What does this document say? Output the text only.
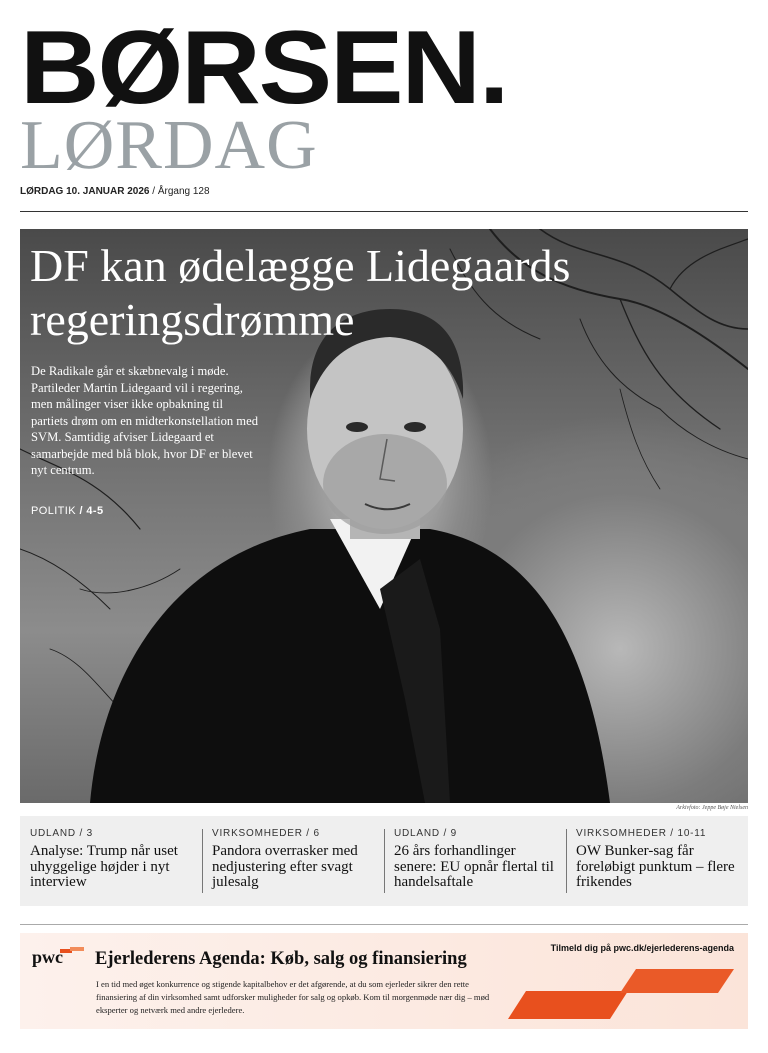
BØRSEN.
LØRDAG
LØRDAG 10. JANUAR 2026 / Årgang 128
DF kan ødelægge Lidegaards regeringsdrømme

De Radikale går et skæbnevalg i møde. Partileder Martin Lidegaard vil i regering, men målinger viser ikke opbakning til partiets drøm om en midterkonstellation med SVM. Samtidig afviser Lidegaard et samarbejde med blå blok, hvor DF er blevet nyt centrum.

POLITIK / 4-5
Arkivfoto: Jeppe Bøje Nielsen
UDLAND / 3

Analyse: Trump når uset uhyggelige højder i nyt interview

VIRKSOMHEDER / 6

Pandora overrasker med nedjustering efter svagt julesalg

UDLAND / 9

26 års forhandlinger senere: EU opnår flertal til handelsaftale

VIRKSOMHEDER / 10-11

OW Bunker-sag får foreløbigt punktum – flere frikendes

pwc Ejerlederens Agenda: Køb, salg og finansiering
Tilmeld dig på pwc.dk/ejerlederens-agenda

I en tid med øget konkurrence og stigende kapitalbehov er det afgørende, at du som ejerleder sikrer den rette finansiering af din virksomhed samt udforsker muligheder for salg og opkøb. Kom til morgenmøde nær dig – mød eksperter og netværk med andre ejerledere.
